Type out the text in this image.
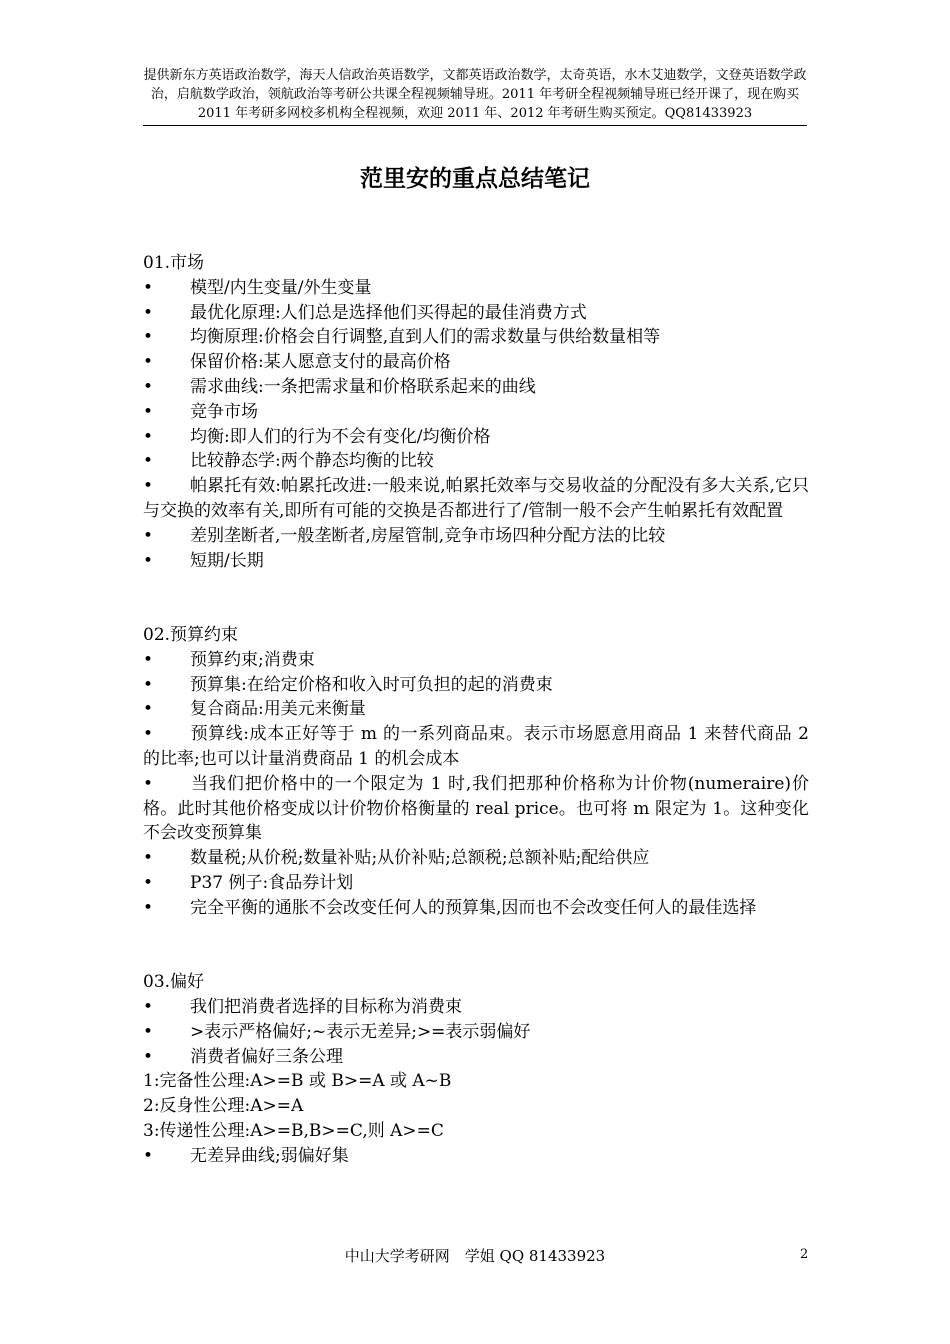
提供新东方英语政治数学，海天人信政治英语数学，文都英语政治数学，太奇英语，水木艾迪数学，文登英语数学政治，启航数学政治，领航政治等考研公共课全程视频辅导班。2011 年考研全程视频辅导班已经开课了，现在购买 2011 年考研多网校多机构全程视频，欢迎 2011 年、2012 年考研生购买预定。QQ81433923
范里安的重点总结笔记

01.市场

• 模型/内生变量/外生变量

• 最优化原理:人们总是选择他们买得起的最佳消费方式

• 均衡原理:价格会自行调整,直到人们的需求数量与供给数量相等

• 保留价格:某人愿意支付的最高价格

• 需求曲线:一条把需求量和价格联系起来的曲线

• 竞争市场

• 均衡:即人们的行为不会有变化/均衡价格

• 比较静态学:两个静态均衡的比较

• 帕累托有效:帕累托改进:一般来说,帕累托效率与交易收益的分配没有多大关系,它只与交换的效率有关,即所有可能的交换是否都进行了/管制一般不会产生帕累托有效配置

• 差别垄断者,一般垄断者,房屋管制,竞争市场四种分配方法的比较

• 短期/长期

02.预算约束

• 预算约束;消费束

• 预算集:在给定价格和收入时可负担的起的消费束

• 复合商品:用美元来衡量

• 预算线:成本正好等于 m 的一系列商品束。表示市场愿意用商品 1 来替代商品 2 的比率;也可以计量消费商品 1 的机会成本

• 当我们把价格中的一个限定为 1 时,我们把那种价格称为计价物(numeraire)价格。此时其他价格变成以计价物价格衡量的 real price。也可将 m 限定为 1。这种变化不会改变预算集

• 数量税;从价税;数量补贴;从价补贴;总额税;总额补贴;配给供应

• P37 例子:食品券计划

• 完全平衡的通胀不会改变任何人的预算集,因而也不会改变任何人的最佳选择

03.偏好

• 我们把消费者选择的目标称为消费束

• >表示严格偏好;~表示无差异;>=表示弱偏好

• 消费者偏好三条公理

1:完备性公理:A>=B 或 B>=A 或 A~B

2:反身性公理:A>=A

3:传递性公理:A>=B,B>=C,则 A>=C

• 无差异曲线;弱偏好集

中山大学考研网　学姐 QQ 81433923	2
